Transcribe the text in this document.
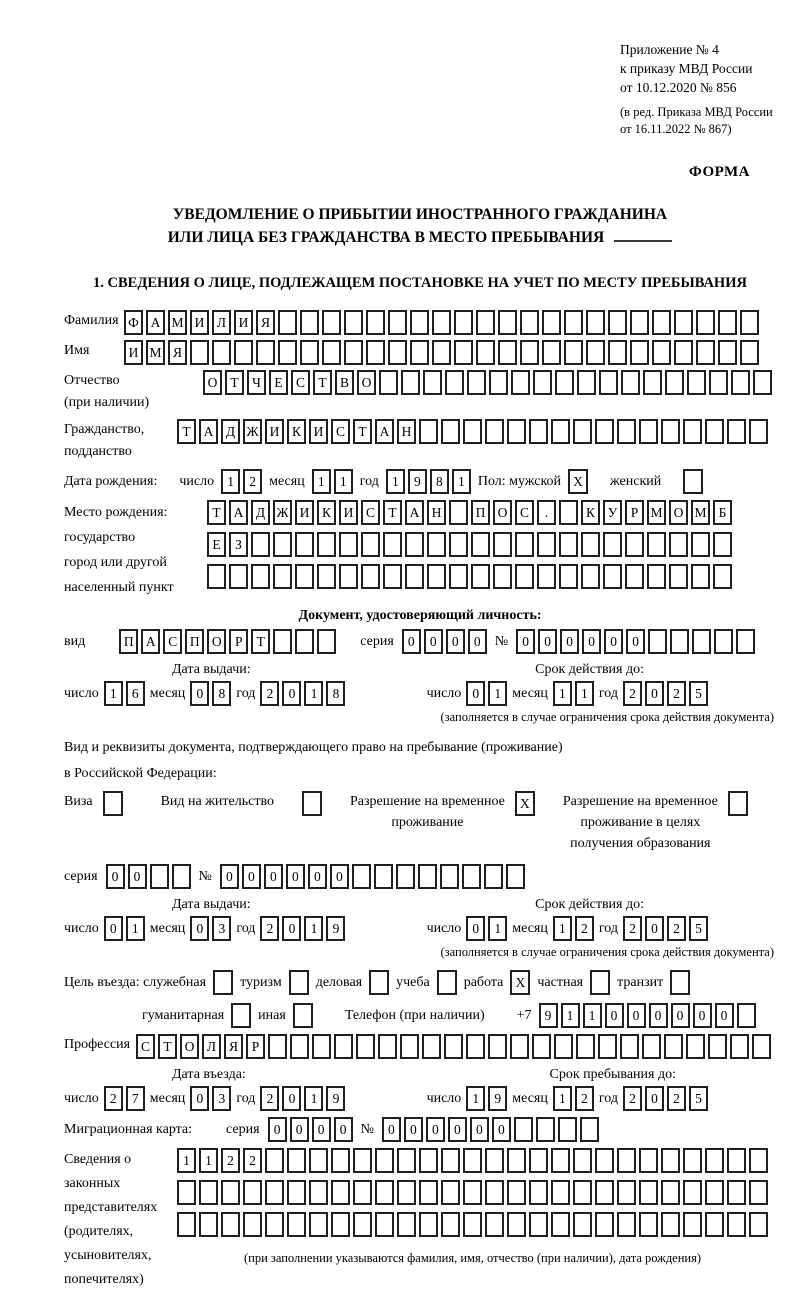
Приложение № 4
к приказу МВД России
от 10.12.2020 № 856
(в ред. Приказа МВД России
от 16.11.2022 № 867)
ФОРМА
УВЕДОМЛЕНИЕ О ПРИБЫТИИ ИНОСТРАННОГО ГРАЖДАНИНА
ИЛИ ЛИЦА БЕЗ ГРАЖДАНСТВА В МЕСТО ПРЕБЫВАНИЯ
1. СВЕДЕНИЯ О ЛИЦЕ, ПОДЛЕЖАЩЕМ ПОСТАНОВКЕ НА УЧЕТ ПО МЕСТУ ПРЕБЫВАНИЯ
Фамилия Ф А М И Л И Я
Имя	И М Я
Отчество
(при наличии)
О Т Ч Е С Т В О
Гражданство,
подданство
Т А Д Ж И К И С Т А Н
Дата рождения: число 1	2 месяц 1	1 год 1	9	8	1 Пол: мужской X	женский
Место рождения:
государство
город или другой
населенный пункт
Т А Д Ж И К И С Т А Н	П О С	.	К У Р М О М Б
Е	З
Документ, удостоверяющий личность:
вид	П А С П О Р	Т	серия	0	0	0	0	№	0	0	0	0	0	0
Дата выдачи:	Срок действия до:
число 1	6 месяц 0	8 год 2	0	1	8	число 0	1 месяц 1	1 год 2	0	2	5
(заполняется в случае ограничения срока действия документа)
Вид и реквизиты документа, подтверждающего право на пребывание (проживание)
в Российской Федерации:
Виза	Вид на жительство	Разрешение на временное
проживание
X	Разрешение на временное
проживание в целях
получения образования
серия	0	0	№	0	0	0	0	0	0
Дата выдачи:	Срок действия до:
число 0	1 месяц 0	3 год 2	0	1	9	число 0	1 месяц 1	2 год 2	0	2	5
(заполняется в случае ограничения срока действия документа)
Цель въезда: служебная туризм деловая учеба работа X частная транзит
гуманитарная иная	Телефон (при наличии) +7 9	1	1	0	0	0	0	0	0
Профессия С Т О Л Я	Р
Дата въезда:	Срок пребывания до:
число 2	7 месяц 0	3 год 2	0	1	9	число 1	9 месяц 1	2 год 2	0	2	5
Миграционная карта: серия	0	0	0	0	№	0	0	0	0	0	0
Сведения о
законных
представителях
(родителях,
усыновителях,
попечителях)
1	1	2	2
(при заполнении указываются фамилия, имя, отчество (при наличии), дата рождения)
